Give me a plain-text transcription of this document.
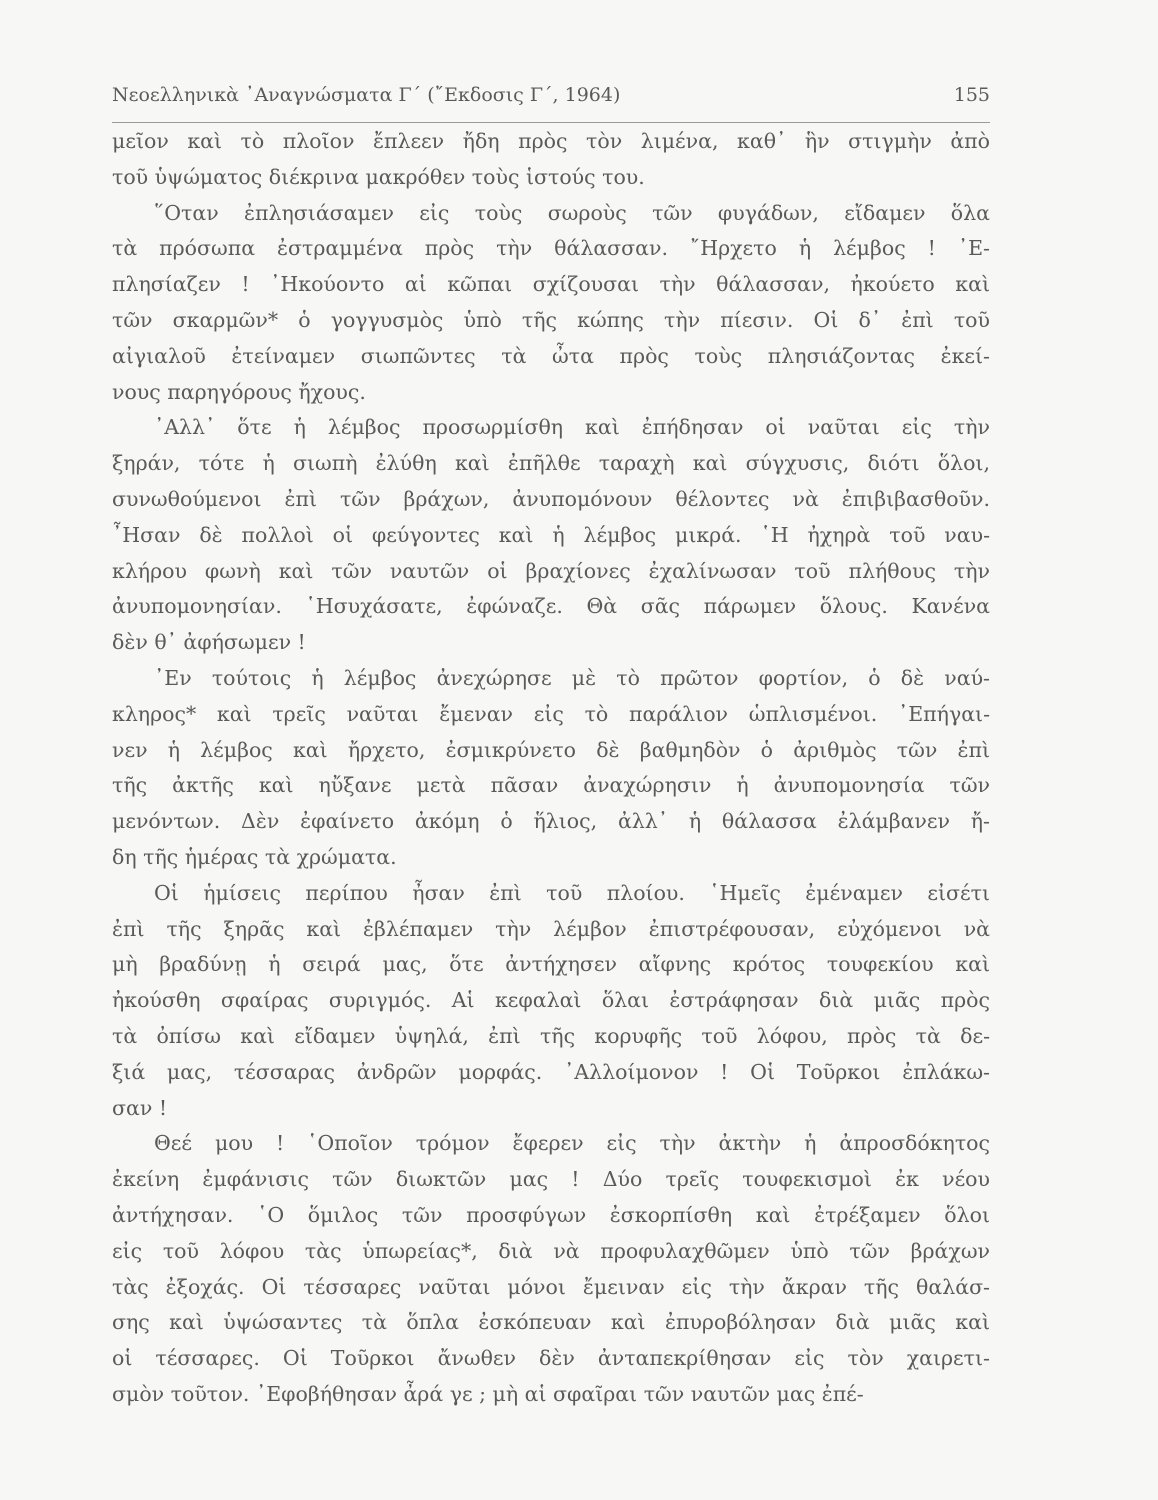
Νεοελληνικὰ ᾿Αναγνώσματα Γ΄ (῎Εκδοσις Γ΄, 1964)	155
μεῖον καὶ τὸ πλοῖον ἔπλεεν ἤδη πρὸς τὸν λιμένα, καθ᾿ ἣν στιγμὴν ἀπὸ
τοῦ ὑψώματος διέκρινα μακρόθεν τοὺς ἱστούς του.
῞Οταν ἐπλησιάσαμεν εἰς τοὺς σωροὺς τῶν φυγάδων, εἴδαμεν ὅλα
τὰ πρόσωπα ἐστραμμένα πρὸς τὴν θάλασσαν. ῎Ηρχετο ἡ λέμβος ! ᾿Ε-
πλησίαζεν ! ᾿Ηκούοντο αἱ κῶπαι σχίζουσαι τὴν θάλασσαν, ἠκούετο καὶ
τῶν σκαρμῶν* ὁ γογγυσμὸς ὑπὸ τῆς κώπης τὴν πίεσιν. Οἱ δ᾿ ἐπὶ τοῦ
αἰγιαλοῦ ἐτείναμεν σιωπῶντες τὰ ὦτα πρὸς τοὺς πλησιάζοντας ἐκεί-
νους παρηγόρους ἤχους.
᾿Αλλ᾿ ὅτε ἡ λέμβος προσωρμίσθη καὶ ἐπήδησαν οἱ ναῦται εἰς τὴν
ξηράν, τότε ἡ σιωπὴ ἐλύθη καὶ ἐπῆλθε ταραχὴ καὶ σύγχυσις, διότι ὅλοι,
συνωθούμενοι ἐπὶ τῶν βράχων, ἀνυπομόνουν θέλοντες νὰ ἐπιβιβασθοῦν.
῏Ησαν δὲ πολλοὶ οἱ φεύγοντες καὶ ἡ λέμβος μικρά. ῾Η ἠχηρὰ τοῦ ναυ-
κλήρου φωνὴ καὶ τῶν ναυτῶν οἱ βραχίονες ἐχαλίνωσαν τοῦ πλήθους τὴν
ἀνυπομονησίαν. ῾Ησυχάσατε, ἐφώναζε. Θὰ σᾶς πάρωμεν ὅλους. Κανένα
δὲν θ᾿ ἀφήσωμεν !
᾿Εν τούτοις ἡ λέμβος ἀνεχώρησε μὲ τὸ πρῶτον φορτίον, ὁ δὲ ναύ-
κληρος* καὶ τρεῖς ναῦται ἔμεναν εἰς τὸ παράλιον ὡπλισμένοι. ᾿Επήγαι-
νεν ἡ λέμβος καὶ ἤρχετο, ἐσμικρύνετο δὲ βαθμηδὸν ὁ ἀριθμὸς τῶν ἐπὶ
τῆς ἀκτῆς καὶ ηὔξανε μετὰ πᾶσαν ἀναχώρησιν ἡ ἀνυπομονησία τῶν
μενόντων. Δὲν ἐφαίνετο ἀκόμη ὁ ἥλιος, ἀλλ᾿ ἡ θάλασσα ἐλάμβανεν ἤ-
δη τῆς ἡμέρας τὰ χρώματα.
Οἱ ἡμίσεις περίπου ἦσαν ἐπὶ τοῦ πλοίου. ῾Ημεῖς ἐμέναμεν εἰσέτι
ἐπὶ τῆς ξηρᾶς καὶ ἐβλέπαμεν τὴν λέμβον ἐπιστρέφουσαν, εὐχόμενοι νὰ
μὴ βραδύνῃ ἡ σειρά μας, ὅτε ἀντήχησεν αἴφνης κρότος τουφεκίου καὶ
ἠκούσθη σφαίρας συριγμός. Αἱ κεφαλαὶ ὅλαι ἐστράφησαν διὰ μιᾶς πρὸς
τὰ ὀπίσω καὶ εἴδαμεν ὑψηλά, ἐπὶ τῆς κορυφῆς τοῦ λόφου, πρὸς τὰ δε-
ξιά μας, τέσσαρας ἀνδρῶν μορφάς. ᾿Αλλοίμονον ! Οἱ Τοῦρκοι ἐπλάκω-
σαν !
Θεέ μου ! ῾Οποῖον τρόμον ἔφερεν εἰς τὴν ἀκτὴν ἡ ἀπροσδόκητος
ἐκείνη ἐμφάνισις τῶν διωκτῶν μας ! Δύο τρεῖς τουφεκισμοὶ ἐκ νέου
ἀντήχησαν. ῾Ο ὅμιλος τῶν προσφύγων ἐσκορπίσθη καὶ ἐτρέξαμεν ὅλοι
εἰς τοῦ λόφου τὰς ὑπωρείας*, διὰ νὰ προφυλαχθῶμεν ὑπὸ τῶν βράχων
τὰς ἐξοχάς. Οἱ τέσσαρες ναῦται μόνοι ἔμειναν εἰς τὴν ἄκραν τῆς θαλάσ-
σης καὶ ὑψώσαντες τὰ ὅπλα ἐσκόπευαν καὶ ἐπυροβόλησαν διὰ μιᾶς καὶ
οἱ τέσσαρες. Οἱ Τοῦρκοι ἄνωθεν δὲν ἀνταπεκρίθησαν εἰς τὸν χαιρετι-
σμὸν τοῦτον. ᾿Εφοβήθησαν ἆρά γε ; μὴ αἱ σφαῖραι τῶν ναυτῶν μας ἐπέ-
